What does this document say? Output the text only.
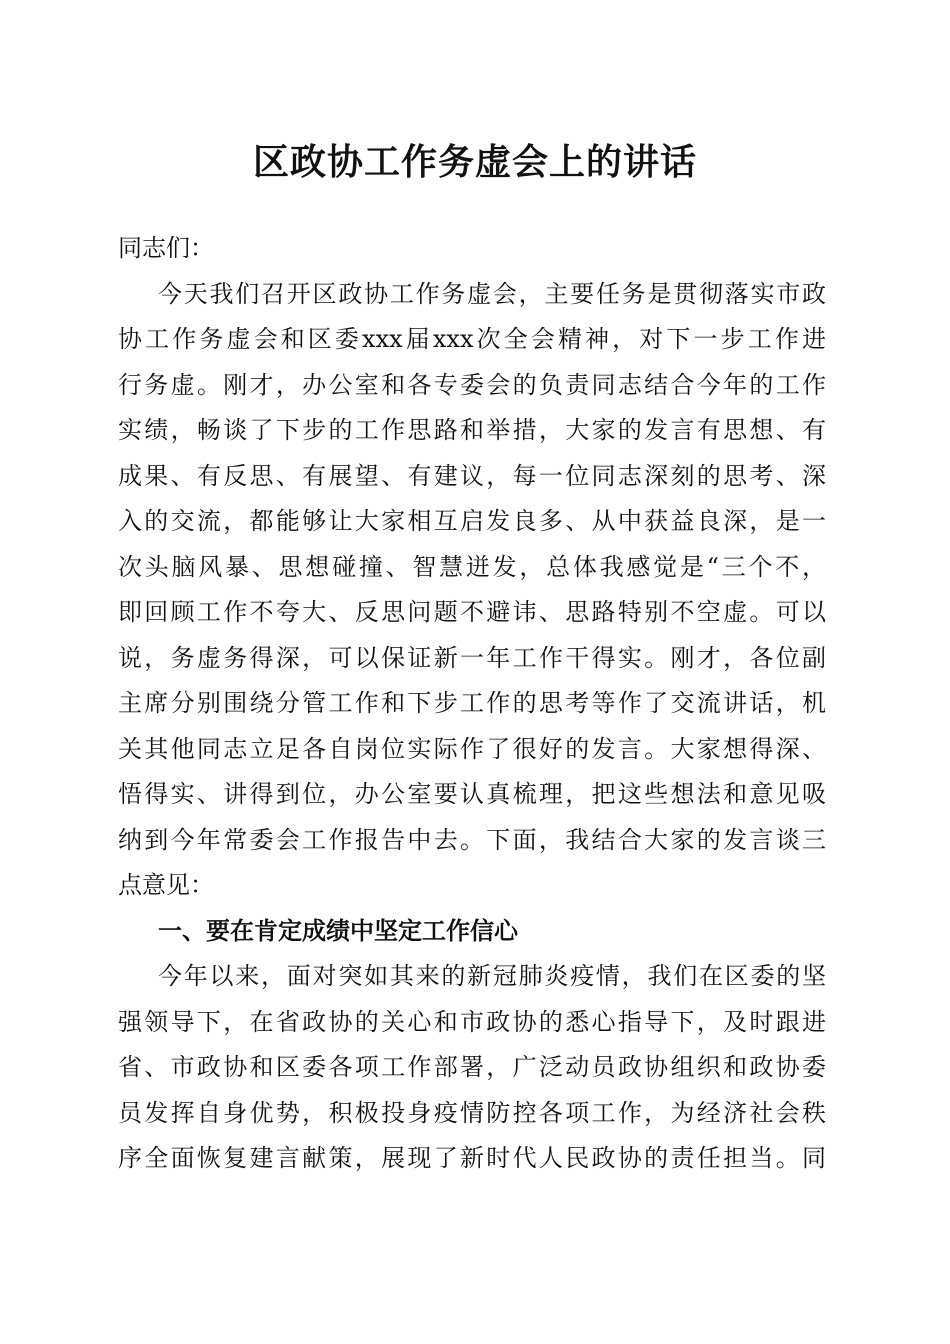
区政协工作务虚会上的讲话
同志们：
今天我们召开区政协工作务虚会，主要任务是贯彻落实市政
协工作务虚会和区委xxx届xxx次全会精神，对下一步工作进
行务虚。刚才，办公室和各专委会的负责同志结合今年的工作
实绩，畅谈了下步的工作思路和举措，大家的发言有思想、有
成果、有反思、有展望、有建议，每一位同志深刻的思考、深
入的交流，都能够让大家相互启发良多、从中获益良深，是一
次头脑风暴、思想碰撞、智慧迸发，总体我感觉是“三个不，
即回顾工作不夸大、反思问题不避讳、思路特别不空虚。可以
说，务虚务得深，可以保证新一年工作干得实。刚才，各位副
主席分别围绕分管工作和下步工作的思考等作了交流讲话，机
关其他同志立足各自岗位实际作了很好的发言。大家想得深、
悟得实、讲得到位，办公室要认真梳理，把这些想法和意见吸
纳到今年常委会工作报告中去。下面，我结合大家的发言谈三
点意见：
一、要在肯定成绩中坚定工作信心
今年以来，面对突如其来的新冠肺炎疫情，我们在区委的坚
强领导下，在省政协的关心和市政协的悉心指导下，及时跟进
省、市政协和区委各项工作部署，广泛动员政协组织和政协委
员发挥自身优势，积极投身疫情防控各项工作，为经济社会秩
序全面恢复建言献策，展现了新时代人民政协的责任担当。同
